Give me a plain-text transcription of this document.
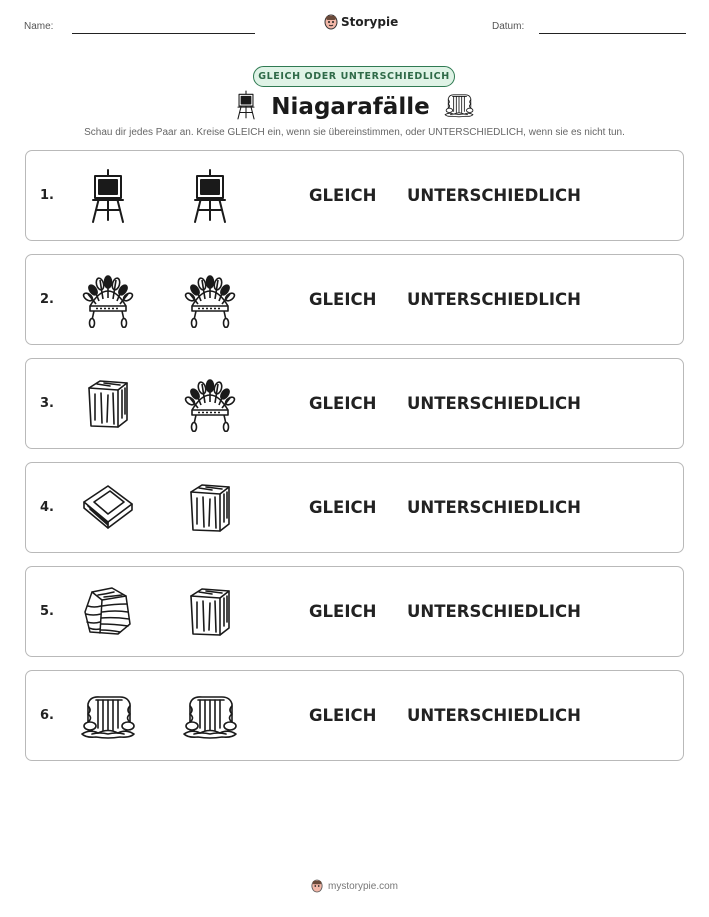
Name:	Storypie	Datum:
GLEICH ODER UNTERSCHIEDLICH
Niagarafälle
Schau dir jedes Paar an. Kreise GLEICH ein, wenn sie übereinstimmen, oder UNTERSCHIEDLICH, wenn sie es nicht tun.
1.	GLEICH UNTERSCHIEDLICH
2.	GLEICH UNTERSCHIEDLICH
3.	GLEICH UNTERSCHIEDLICH
4.	GLEICH UNTERSCHIEDLICH
5.	GLEICH UNTERSCHIEDLICH
6.	GLEICH UNTERSCHIEDLICH
mystorypie.com
